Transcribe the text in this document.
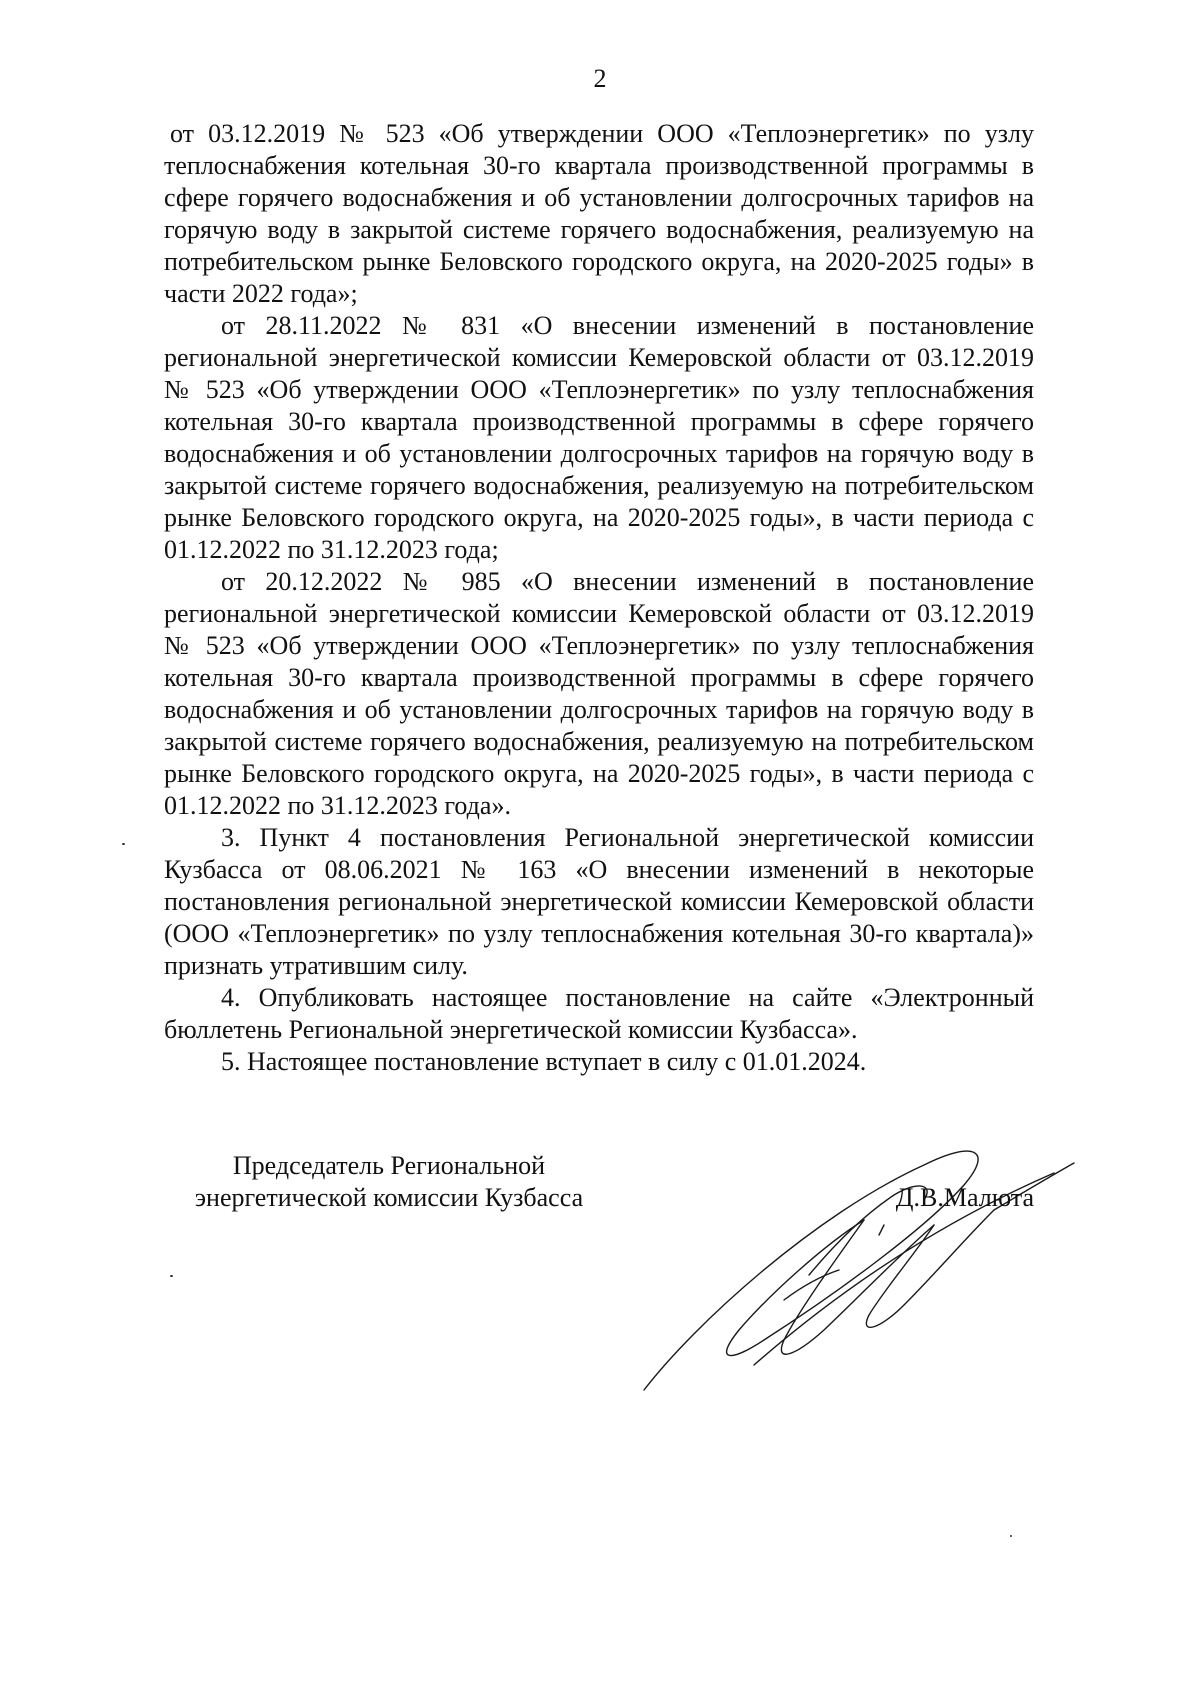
2

от 03.12.2019 № 523 «Об утверждении ООО «Теплоэнергетик» по узлу теплоснабжения котельная 30-го квартала производственной программы в сфере горячего водоснабжения и об установлении долгосрочных тарифов на горячую воду в закрытой системе горячего водоснабжения, реализуемую на потребительском рынке Беловского городского округа, на 2020-2025 годы» в части 2022 года»;

от 28.11.2022 № 831 «О внесении изменений в постановление региональной энергетической комиссии Кемеровской области от 03.12.2019 № 523 «Об утверждении ООО «Теплоэнергетик» по узлу теплоснабжения котельная 30-го квартала производственной программы в сфере горячего водоснабжения и об установлении долгосрочных тарифов на горячую воду в закрытой системе горячего водоснабжения, реализуемую на потребительском рынке Беловского городского округа, на 2020-2025 годы», в части периода с 01.12.2022 по 31.12.2023 года;

от 20.12.2022 № 985 «О внесении изменений в постановление региональной энергетической комиссии Кемеровской области от 03.12.2019 № 523 «Об утверждении ООО «Теплоэнергетик» по узлу теплоснабжения котельная 30-го квартала производственной программы в сфере горячего водоснабжения и об установлении долгосрочных тарифов на горячую воду в закрытой системе горячего водоснабжения, реализуемую на потребительском рынке Беловского городского округа, на 2020-2025 годы», в части периода с 01.12.2022 по 31.12.2023 года».

3. Пункт 4 постановления Региональной энергетической комиссии Кузбасса от 08.06.2021 № 163 «О внесении изменений в некоторые постановления региональной энергетической комиссии Кемеровской области (ООО «Теплоэнергетик» по узлу теплоснабжения котельная 30-го квартала)» признать утратившим силу.

4. Опубликовать настоящее постановление на сайте «Электронный бюллетень Региональной энергетической комиссии Кузбасса».

5. Настоящее постановление вступает в силу с 01.01.2024.

Председатель Региональной
энергетической комиссии Кузбасса	Д.В.Малюта
